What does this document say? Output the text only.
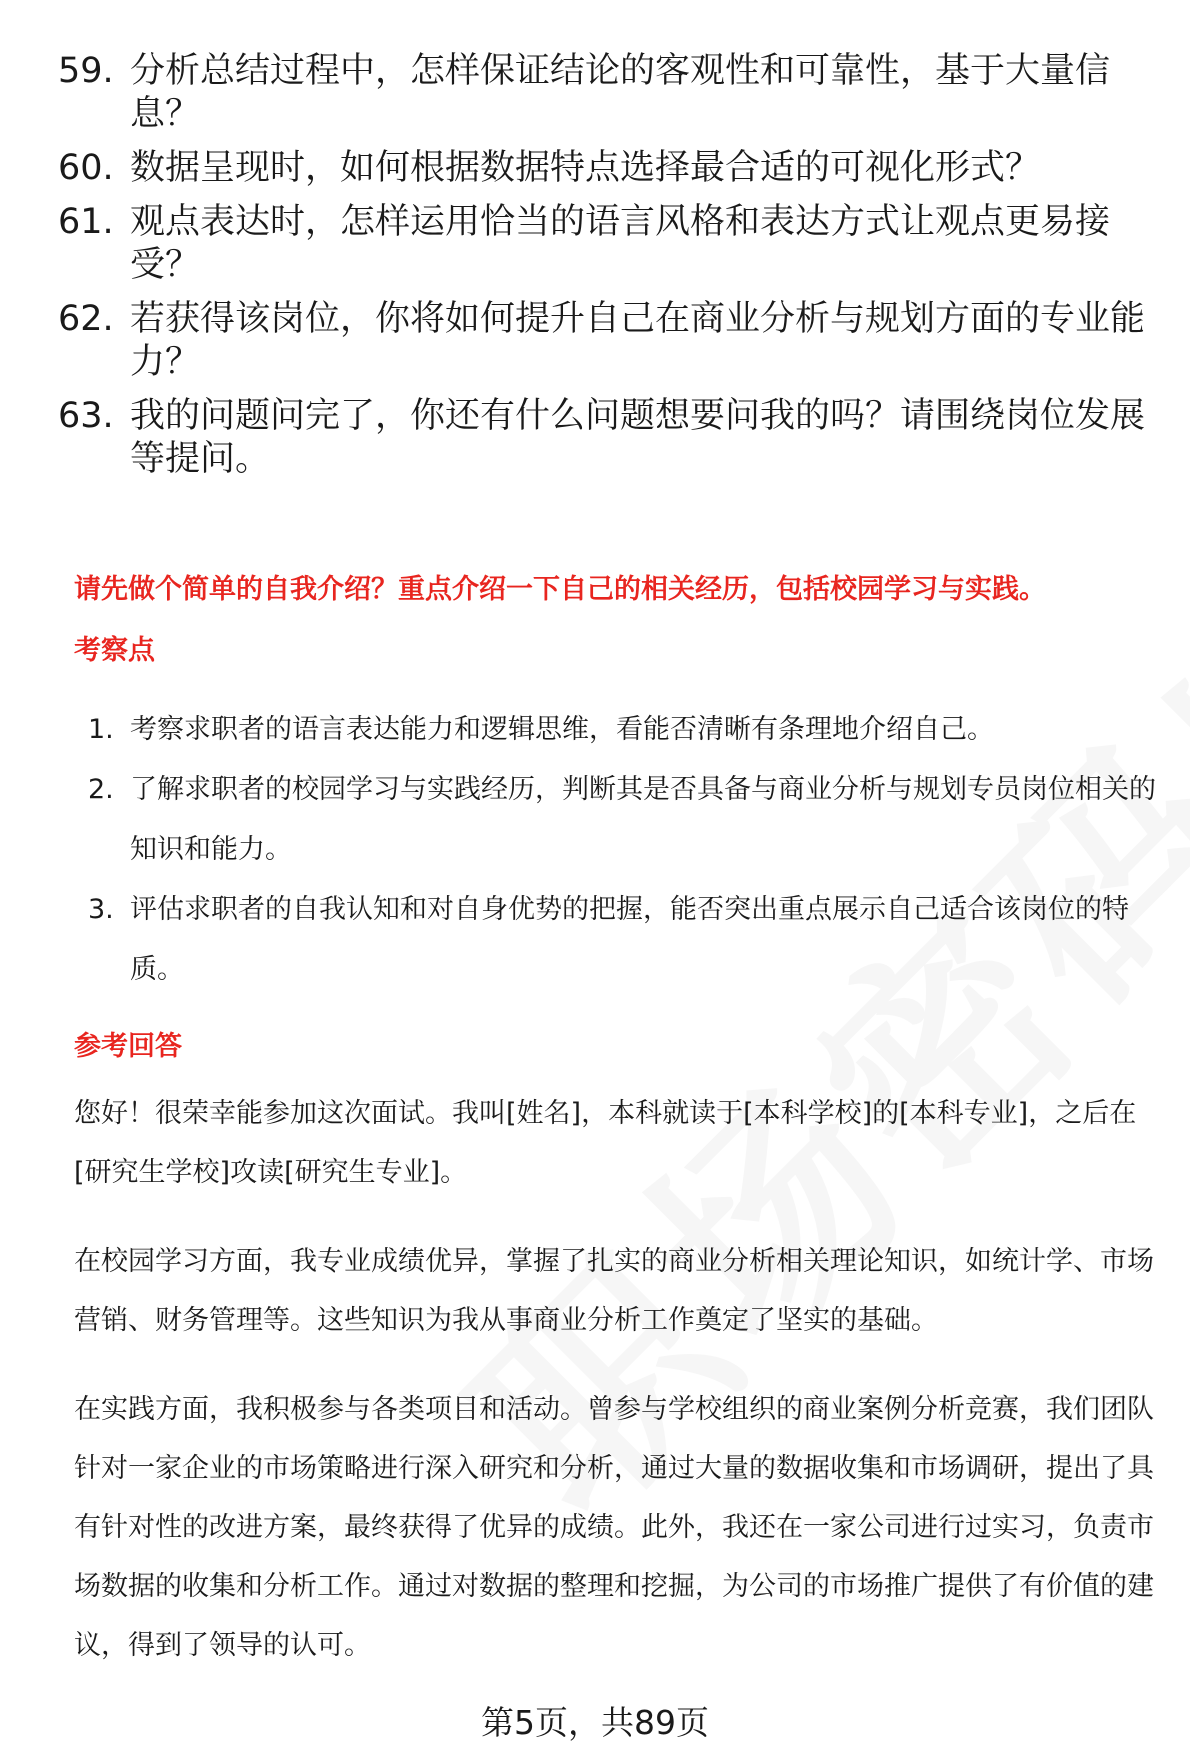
59. 分析总结过程中，怎样保证结论的客观性和可靠性，基于大量信息？
60. 数据呈现时，如何根据数据特点选择最合适的可视化形式？
61. 观点表达时，怎样运用恰当的语言风格和表达方式让观点更易接受？
62. 若获得该岗位，你将如何提升自己在商业分析与规划方面的专业能力？
63. 我的问题问完了，你还有什么问题想要问我的吗？请围绕岗位发展等提问。
请先做个简单的自我介绍？重点介绍一下自己的相关经历，包括校园学习与实践。
考察点
1. 考察求职者的语言表达能力和逻辑思维，看能否清晰有条理地介绍自己。
2. 了解求职者的校园学习与实践经历，判断其是否具备与商业分析与规划专员岗位相关的知识和能力。
3. 评估求职者的自我认知和对自身优势的把握，能否突出重点展示自己适合该岗位的特质。
参考回答

您好！很荣幸能参加这次面试。我叫[姓名]，本科就读于[本科学校]的[本科专业]，之后在[研究生学校]攻读[研究生专业]。

在校园学习方面，我专业成绩优异，掌握了扎实的商业分析相关理论知识，如统计学、市场营销、财务管理等。这些知识为我从事商业分析工作奠定了坚实的基础。

在实践方面，我积极参与各类项目和活动。曾参与学校组织的商业案例分析竞赛，我们团队针对一家企业的市场策略进行深入研究和分析，通过大量的数据收集和市场调研，提出了具有针对性的改进方案，最终获得了优异的成绩。此外，我还在一家公司进行过实习，负责市场数据的收集和分析工作。通过对数据的整理和挖掘，为公司的市场推广提供了有价值的建议，得到了领导的认可。

第5页，共89页
